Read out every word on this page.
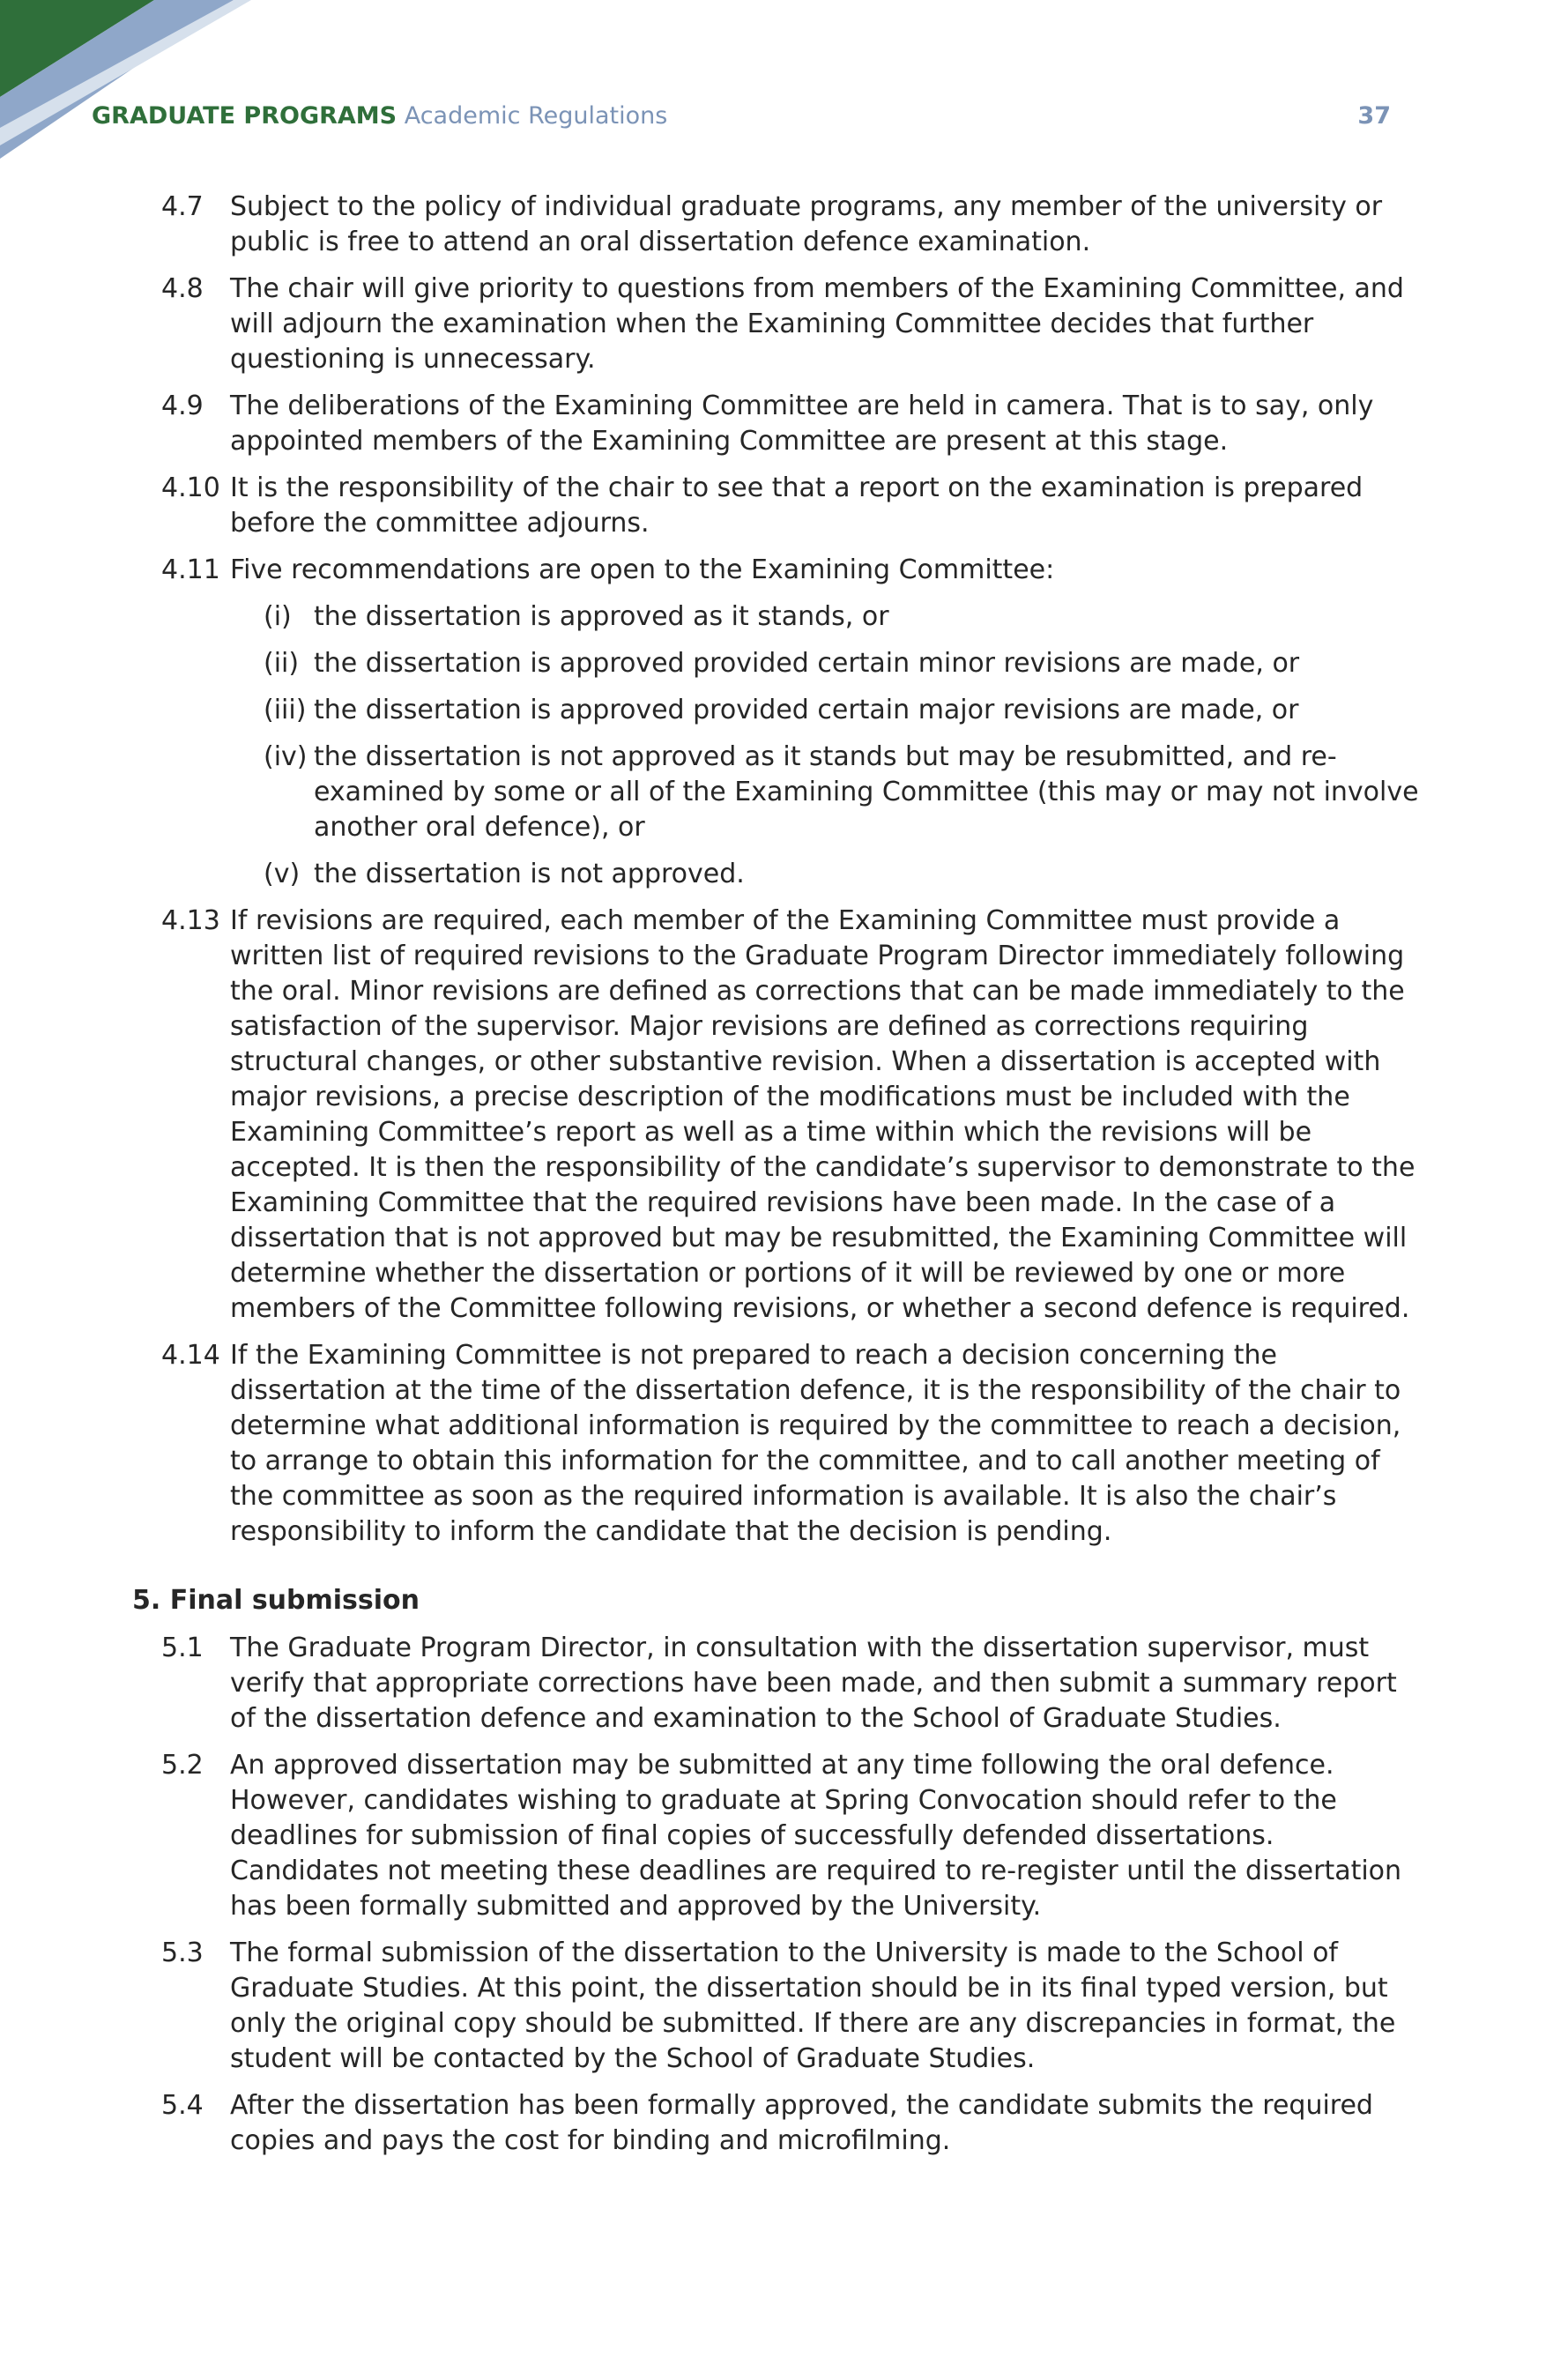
GRADUATE PROGRAMS Academic Regulations	37
4.7 Subject to the policy of individual graduate programs, any member of the university or public is free to attend an oral dissertation defence examination.
4.8 The chair will give priority to questions from members of the Examining Committee, and will adjourn the examination when the Examining Committee decides that further questioning is unnecessary.
4.9 The deliberations of the Examining Committee are held in camera. That is to say, only appointed members of the Examining Committee are present at this stage.
4.10 It is the responsibility of the chair to see that a report on the examination is prepared before the committee adjourns.
4.11 Five recommendations are open to the Examining Committee:
(i) the dissertation is approved as it stands, or
(ii) the dissertation is approved provided certain minor revisions are made, or
(iii) the dissertation is approved provided certain major revisions are made, or
(iv) the dissertation is not approved as it stands but may be resubmitted, and re-examined by some or all of the Examining Committee (this may or may not involve another oral defence), or
(v) the dissertation is not approved.
4.13 If revisions are required, each member of the Examining Committee must provide a written list of required revisions to the Graduate Program Director immediately following the oral. Minor revisions are defined as corrections that can be made immediately to the satisfaction of the supervisor. Major revisions are defined as corrections requiring structural changes, or other substantive revision. When a dissertation is accepted with major revisions, a precise description of the modifications must be included with the Examining Committee’s report as well as a time within which the revisions will be accepted. It is then the responsibility of the candidate’s supervisor to demonstrate to the Examining Committee that the required revisions have been made. In the case of a dissertation that is not approved but may be resubmitted, the Examining Committee will determine whether the dissertation or portions of it will be reviewed by one or more members of the Committee following revisions, or whether a second defence is required.
4.14 If the Examining Committee is not prepared to reach a decision concerning the dissertation at the time of the dissertation defence, it is the responsibility of the chair to determine what additional information is required by the committee to reach a decision, to arrange to obtain this information for the committee, and to call another meeting of the committee as soon as the required information is available. It is also the chair’s responsibility to inform the candidate that the decision is pending.
5. Final submission
5.1 The Graduate Program Director, in consultation with the dissertation supervisor, must verify that appropriate corrections have been made, and then submit a summary report of the dissertation defence and examination to the School of Graduate Studies.
5.2 An approved dissertation may be submitted at any time following the oral defence. However, candidates wishing to graduate at Spring Convocation should refer to the deadlines for submission of final copies of successfully defended dissertations. Candidates not meeting these deadlines are required to re-register until the dissertation has been formally submitted and approved by the University.
5.3 The formal submission of the dissertation to the University is made to the School of Graduate Studies. At this point, the dissertation should be in its final typed version, but only the original copy should be submitted. If there are any discrepancies in format, the student will be contacted by the School of Graduate Studies.
5.4 After the dissertation has been formally approved, the candidate submits the required copies and pays the cost for binding and microfilming.
